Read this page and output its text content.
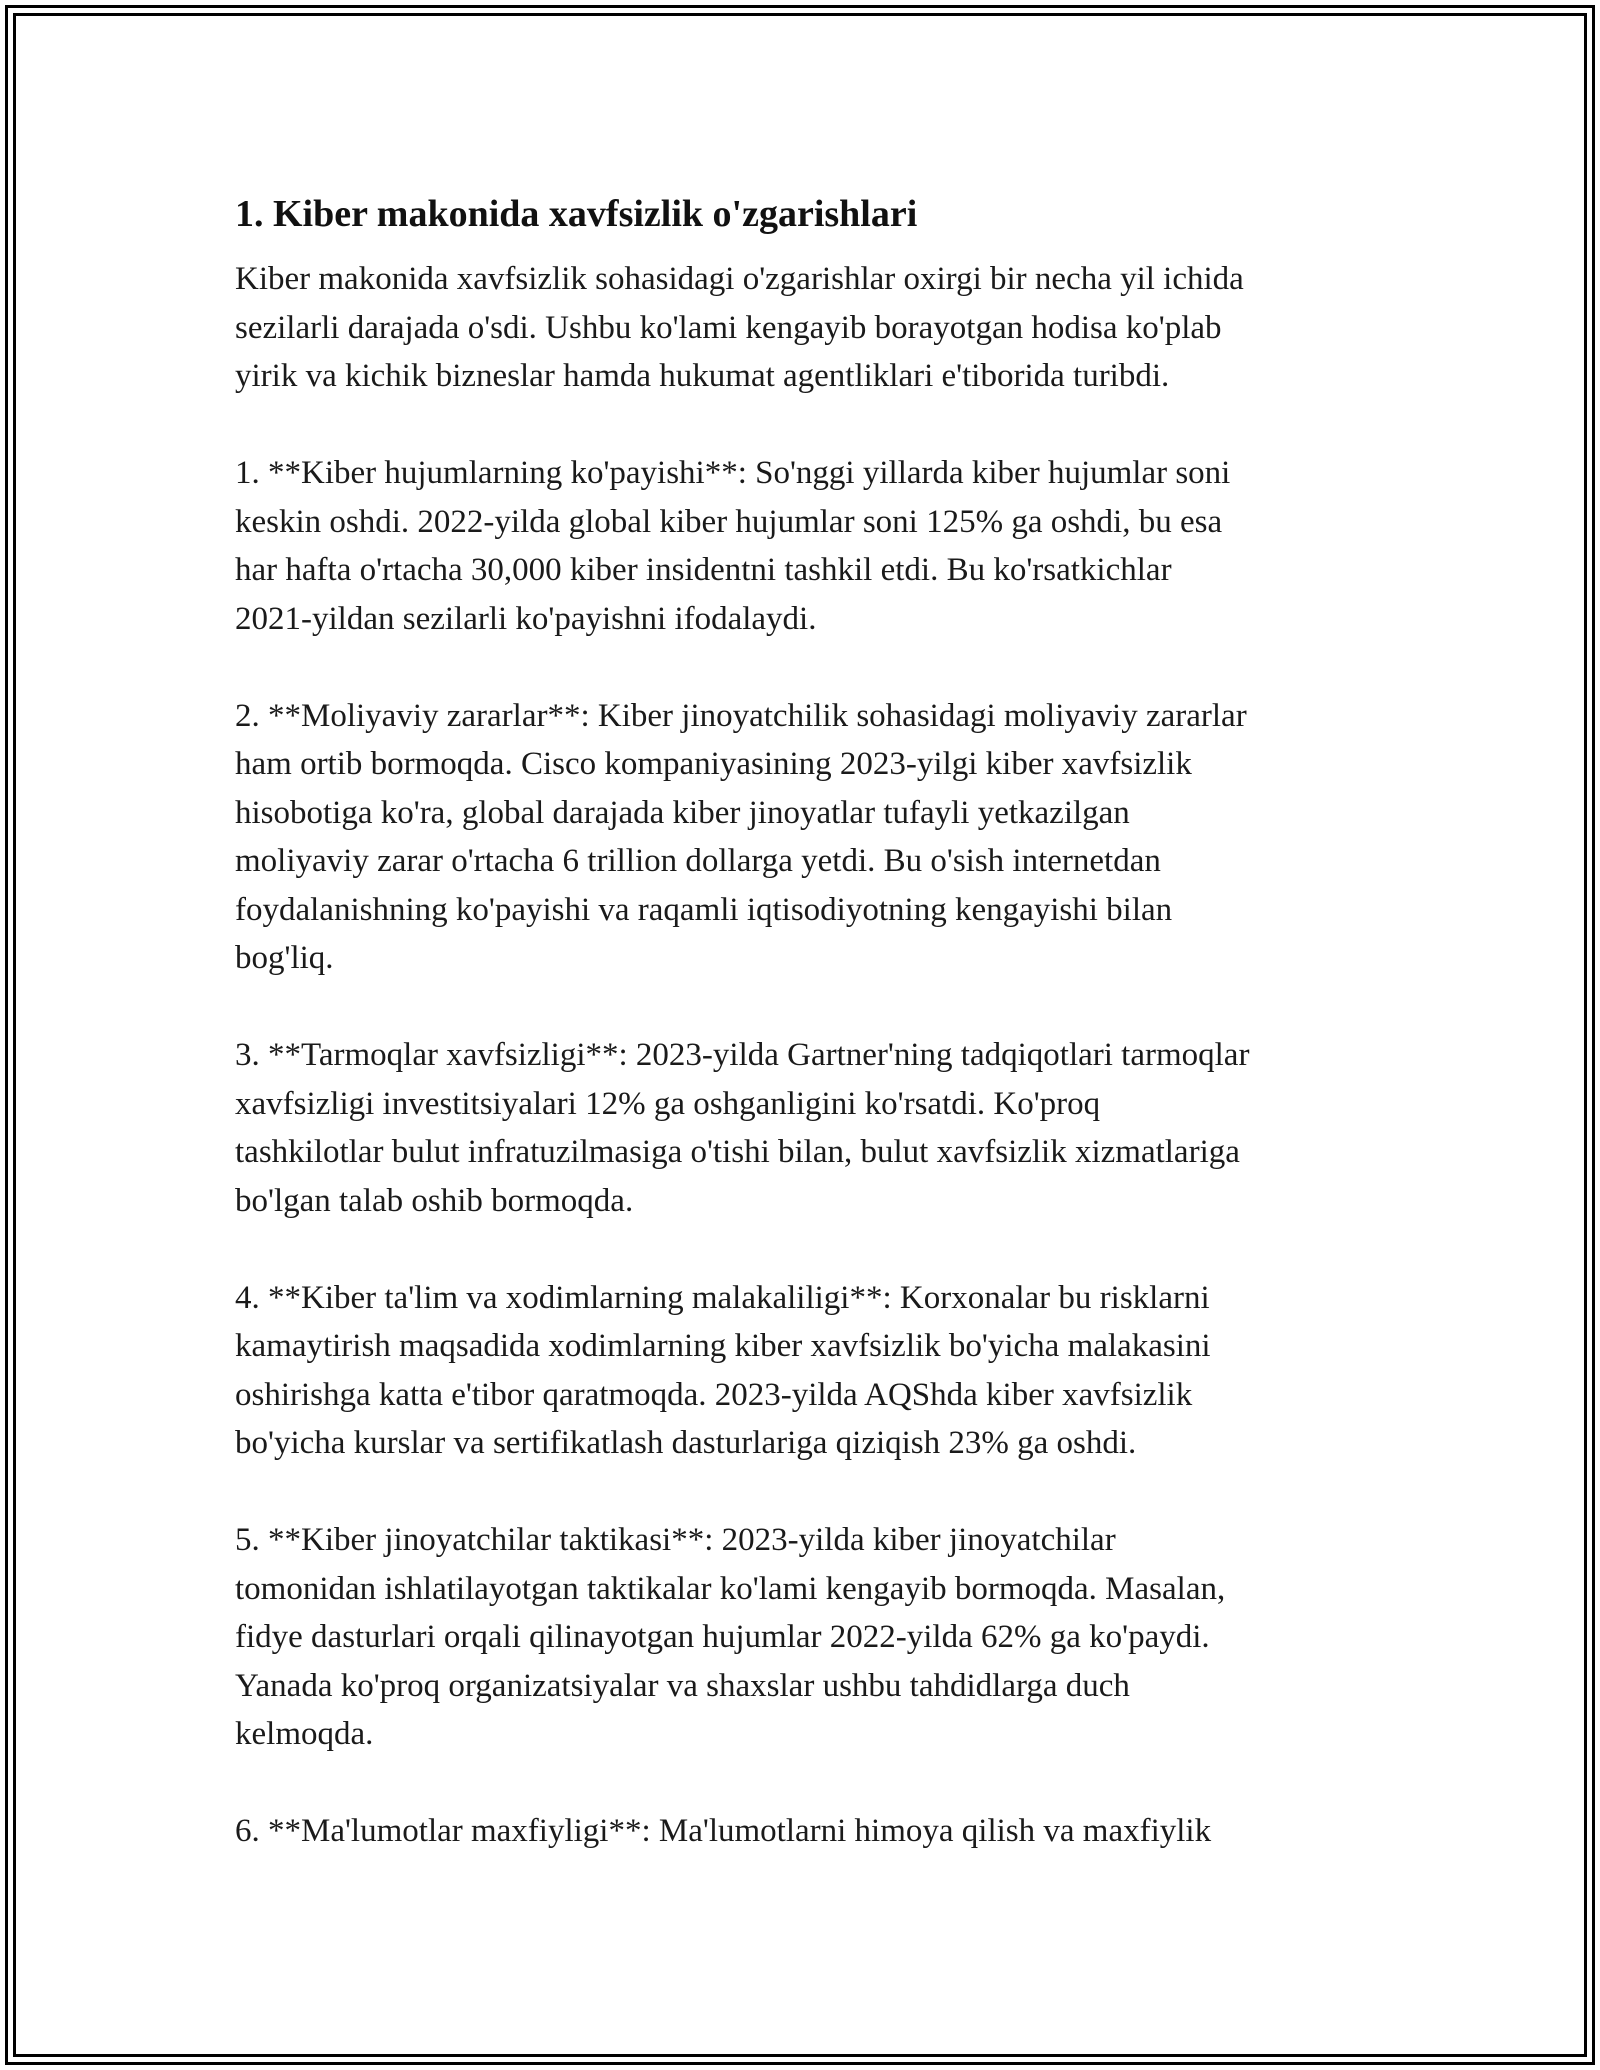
1. Kiber makonida xavfsizlik o'zgarishlari

Kiber makonida xavfsizlik sohasidagi o'zgarishlar oxirgi bir necha yil ichida
sezilarli darajada o'sdi. Ushbu ko'lami kengayib borayotgan hodisa ko'plab
yirik va kichik bizneslar hamda hukumat agentliklari e'tiborida turibdi.

1. **Kiber hujumlarning ko'payishi**: So'nggi yillarda kiber hujumlar soni
keskin oshdi. 2022-yilda global kiber hujumlar soni 125% ga oshdi, bu esa
har hafta o'rtacha 30,000 kiber insidentni tashkil etdi. Bu ko'rsatkichlar
2021-yildan sezilarli ko'payishni ifodalaydi.

2. **Moliyaviy zararlar**: Kiber jinoyatchilik sohasidagi moliyaviy zararlar
ham ortib bormoqda. Cisco kompaniyasining 2023-yilgi kiber xavfsizlik
hisobotiga ko'ra, global darajada kiber jinoyatlar tufayli yetkazilgan
moliyaviy zarar o'rtacha 6 trillion dollarga yetdi. Bu o'sish internetdan
foydalanishning ko'payishi va raqamli iqtisodiyotning kengayishi bilan
bog'liq.

3. **Tarmoqlar xavfsizligi**: 2023-yilda Gartner'ning tadqiqotlari tarmoqlar
xavfsizligi investitsiyalari 12% ga oshganligini ko'rsatdi. Ko'proq
tashkilotlar bulut infratuzilmasiga o'tishi bilan, bulut xavfsizlik xizmatlariga
bo'lgan talab oshib bormoqda.

4. **Kiber ta'lim va xodimlarning malakaliligi**: Korxonalar bu risklarni
kamaytirish maqsadida xodimlarning kiber xavfsizlik bo'yicha malakasini
oshirishga katta e'tibor qaratmoqda. 2023-yilda AQShda kiber xavfsizlik
bo'yicha kurslar va sertifikatlash dasturlariga qiziqish 23% ga oshdi.

5. **Kiber jinoyatchilar taktikasi**: 2023-yilda kiber jinoyatchilar
tomonidan ishlatilayotgan taktikalar ko'lami kengayib bormoqda. Masalan,
fidye dasturlari orqali qilinayotgan hujumlar 2022-yilda 62% ga ko'paydi.
Yanada ko'proq organizatsiyalar va shaxslar ushbu tahdidlarga duch
kelmoqda.

6. **Ma'lumotlar maxfiyligi**: Ma'lumotlarni himoya qilish va maxfiylik
